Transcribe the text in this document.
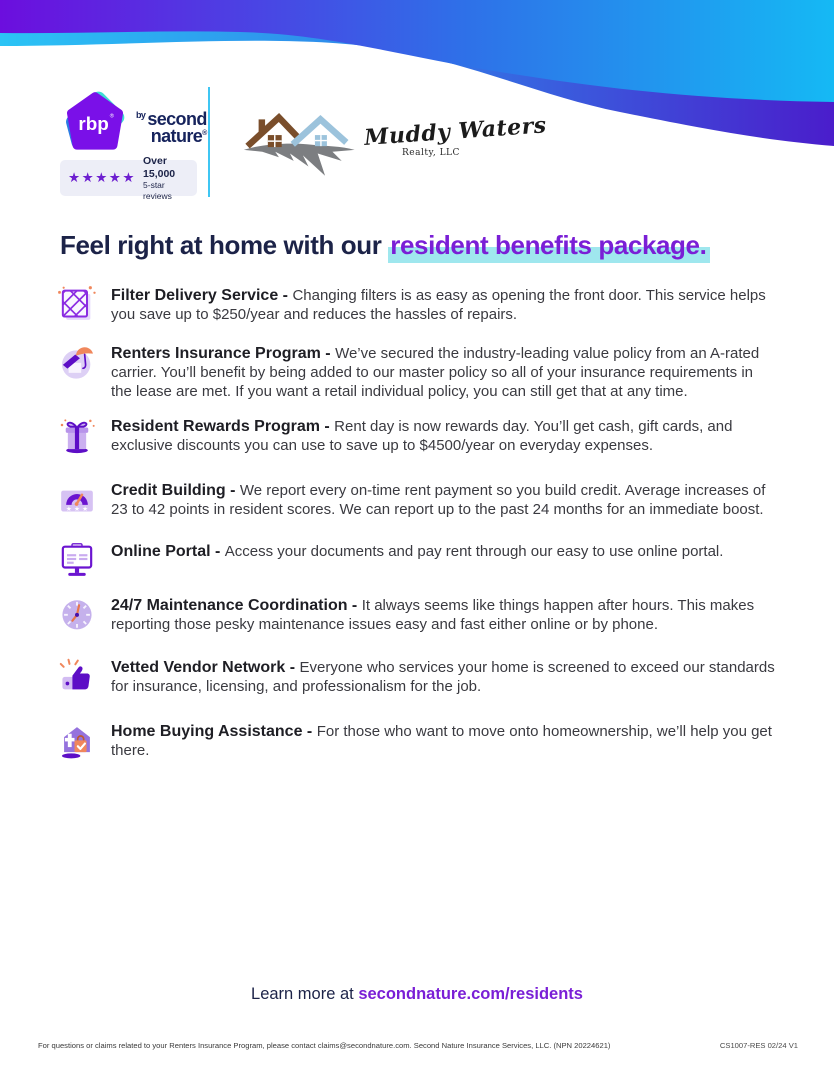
rbp ® $^{by}$ second
nature®
★★★★★
Over 15,000
5-star reviews
Muddy Waters
Realty, LLC
Feel right at home with our resident benefits package.

Filter Delivery Service - Changing filters is as easy as opening the front door. This service helps you save up to $250/year and reduces the hassles of repairs.

Renters Insurance Program - We’ve secured the industry-leading value policy from an A-rated carrier. You’ll benefit by being added to our master policy so all of your insurance requirements in the lease are met. If you want a retail individual policy, you can still get that at any time.

Resident Rewards Program - Rent day is now rewards day. You’ll get cash, gift cards, and exclusive discounts you can use to save up to $4500/year on everyday expenses.

Credit Building - We report every on-time rent payment so you build credit. Average increases of 23 to 42 points in resident scores. We can report up to the past 24 months for an immediate boost.

Online Portal - Access your documents and pay rent through our easy to use online portal.

24/7 Maintenance Coordination - It always seems like things happen after hours. This makes reporting those pesky maintenance issues easy and fast either online or by phone.

Vetted Vendor Network - Everyone who services your home is screened to exceed our standards for insurance, licensing, and professionalism for the job.

Home Buying Assistance - For those who want to move onto homeownership, we’ll help you get there.

Learn more at secondnature.com/residents
For questions or claims related to your Renters Insurance Program, please contact claims@secondnature.com. Second Nature Insurance Services, LLC. (NPN 20224621)	CS1007-RES 02/24 V1
